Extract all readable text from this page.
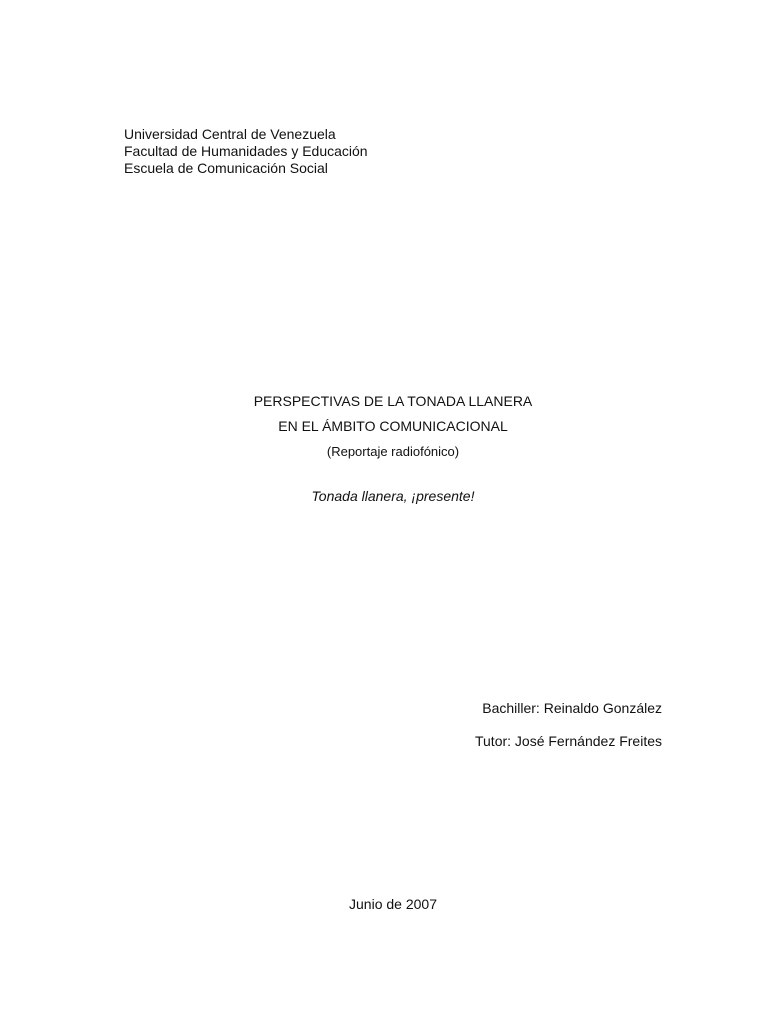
Universidad Central de Venezuela
Facultad de Humanidades y Educación
Escuela de Comunicación Social
PERSPECTIVAS DE LA TONADA LLANERA
EN EL ÁMBITO COMUNICACIONAL
(Reportaje radiofónico)
Tonada llanera, ¡presente!
Bachiller: Reinaldo González
Tutor: José Fernández Freites
Junio de 2007
